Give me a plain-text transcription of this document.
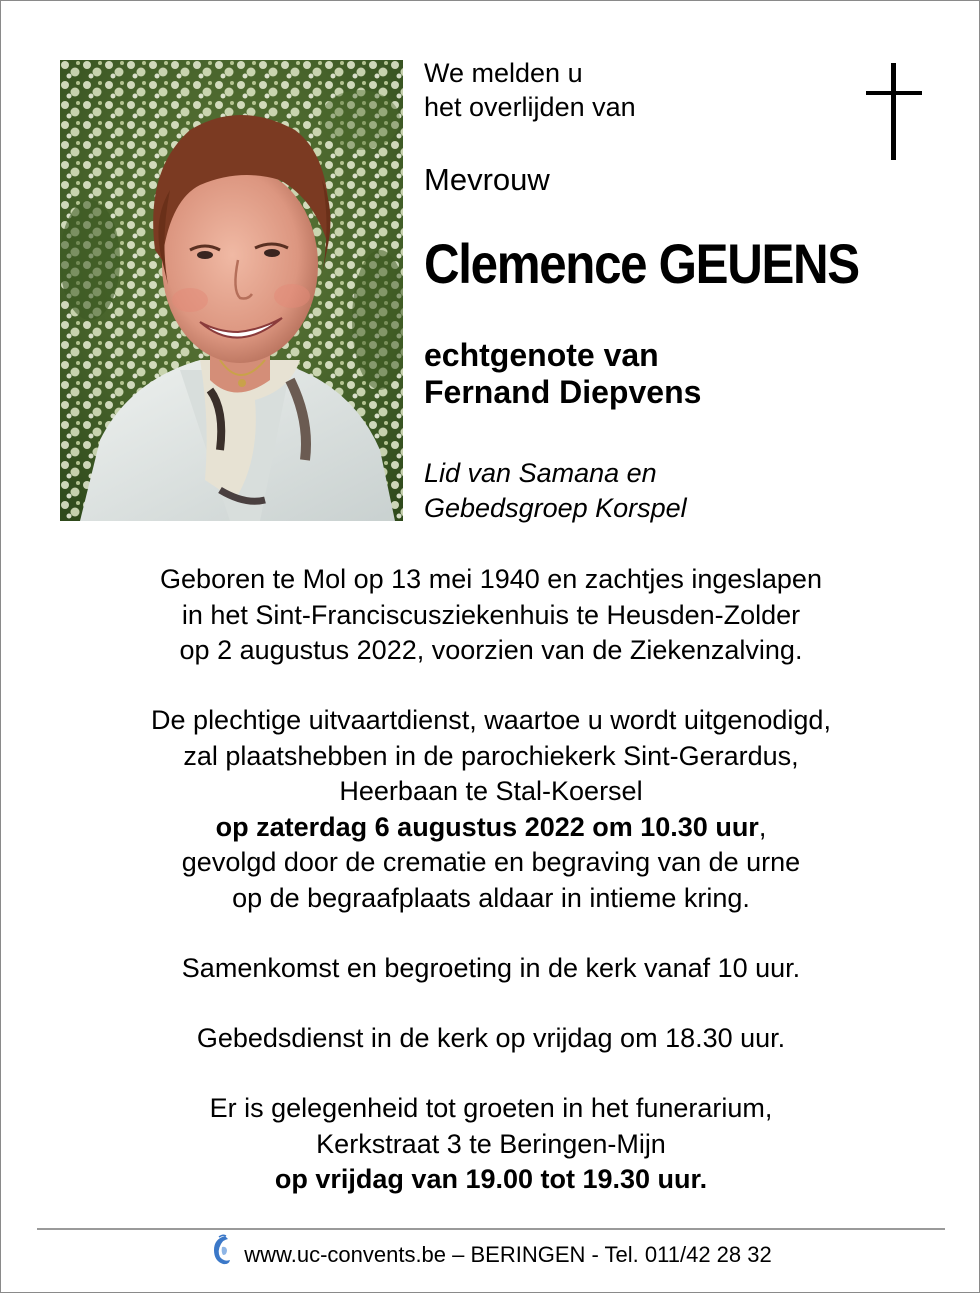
We melden u
het overlijden van
Mevrouw
Clemence GEUENS
echtgenote van
Fernand Diepvens
Lid van Samana en
Gebedsgroep Korspel
Geboren te Mol op 13 mei 1940 en zachtjes ingeslapen
in het Sint-Franciscusziekenhuis te Heusden-Zolder
op 2 augustus 2022, voorzien van de Ziekenzalving.
De plechtige uitvaartdienst, waartoe u wordt uitgenodigd,
zal plaatshebben in de parochiekerk Sint-Gerardus,
Heerbaan te Stal-Koersel
op zaterdag 6 augustus 2022 om 10.30 uur,
gevolgd door de crematie en begraving van de urne
op de begraafplaats aldaar in intieme kring.
Samenkomst en begroeting in de kerk vanaf 10 uur.
Gebedsdienst in de kerk op vrijdag om 18.30 uur.
Er is gelegenheid tot groeten in het funerarium,
Kerkstraat 3 te Beringen-Mijn
op vrijdag van 19.00 tot 19.30 uur.
www.uc-convents.be – BERINGEN - Tel. 011/42 28 32
